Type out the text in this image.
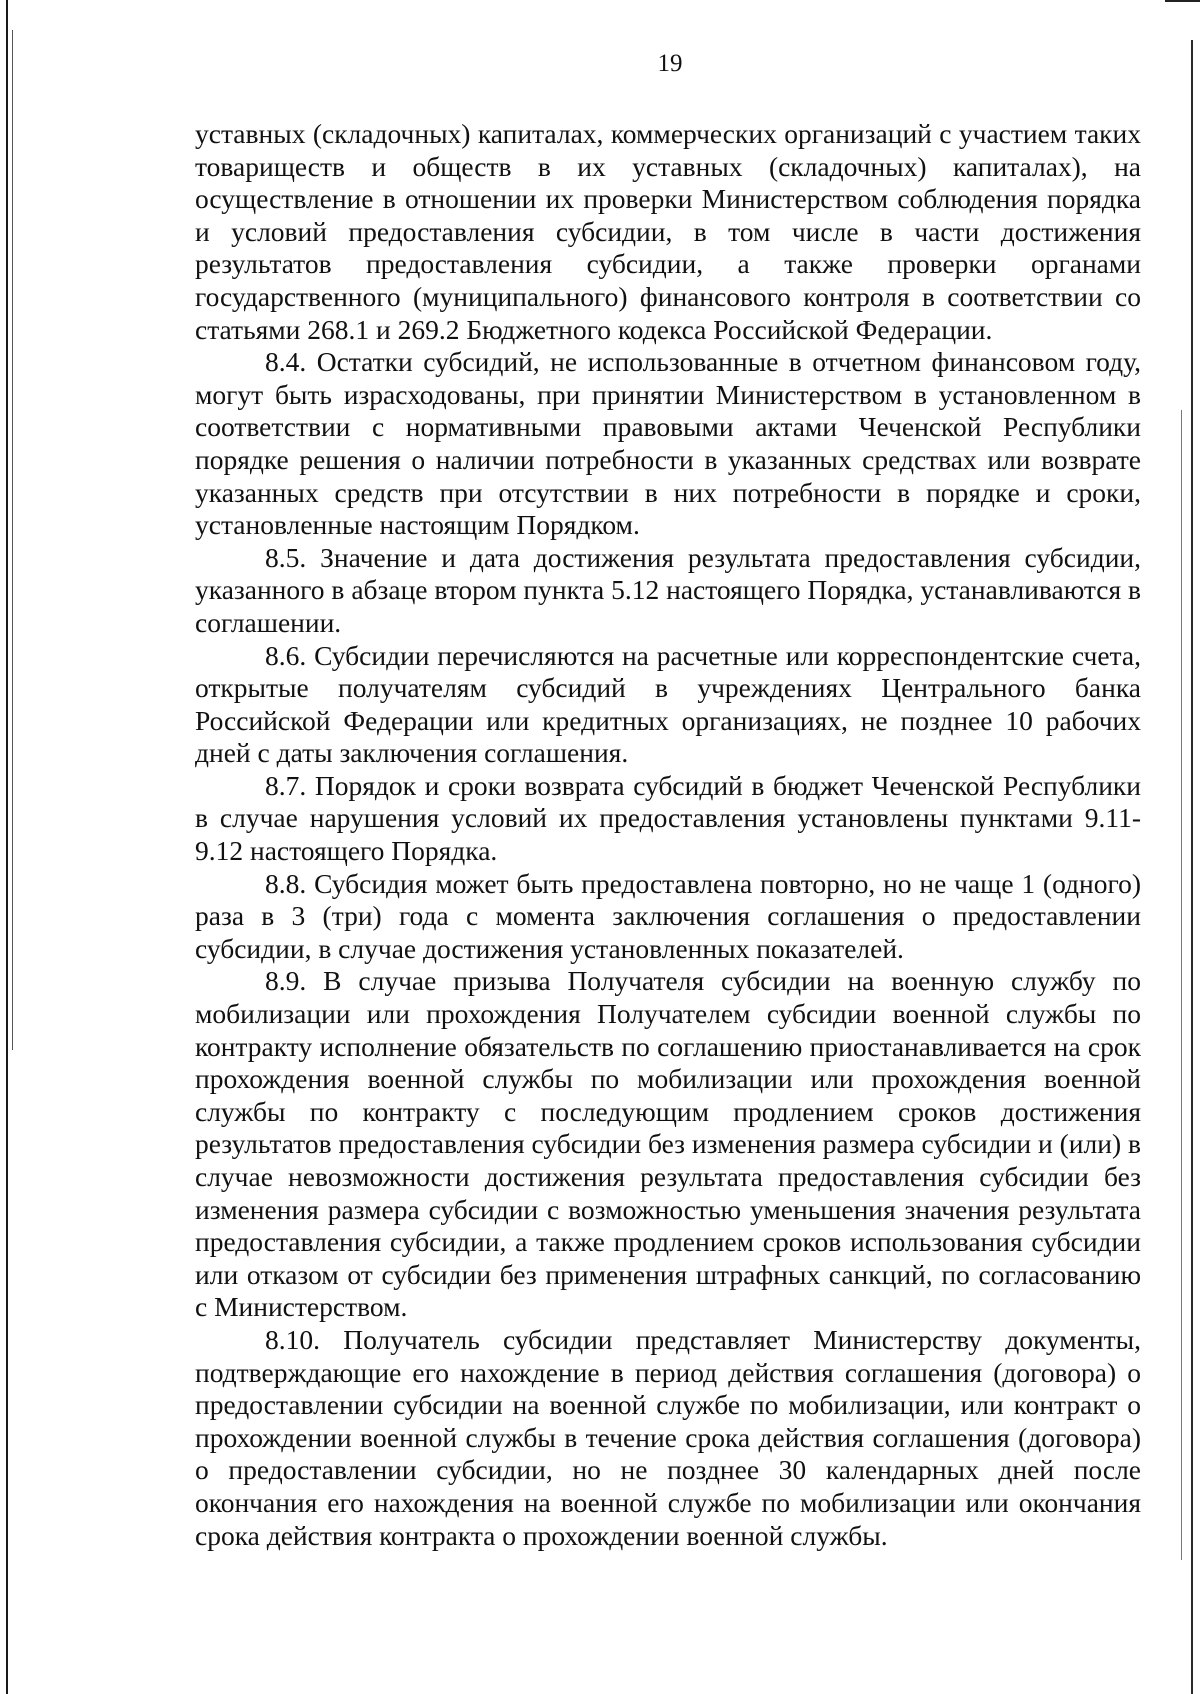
19

уставных (складочных) капиталах, коммерческих организаций с участием таких товариществ и обществ в их уставных (складочных) капиталах), на осуществление в отношении их проверки Министерством соблюдения порядка и условий предоставления субсидии, в том числе в части достижения результатов предоставления субсидии, а также проверки органами государственного (муниципального) финансового контроля в соответствии со статьями 268.1 и 269.2 Бюджетного кодекса Российской Федерации.

8.4. Остатки субсидий, не использованные в отчетном финансовом году, могут быть израсходованы, при принятии Министерством в установленном в соответствии с нормативными правовыми актами Чеченской Республики порядке решения о наличии потребности в указанных средствах или возврате указанных средств при отсутствии в них потребности в порядке и сроки, установленные настоящим Порядком.

8.5. Значение и дата достижения результата предоставления субсидии, указанного в абзаце втором пункта 5.12 настоящего Порядка, устанавливаются в соглашении.

8.6. Субсидии перечисляются на расчетные или корреспондентские счета, открытые получателям субсидий в учреждениях Центрального банка Российской Федерации или кредитных организациях, не позднее 10 рабочих дней с даты заключения соглашения.

8.7. Порядок и сроки возврата субсидий в бюджет Чеченской Республики в случае нарушения условий их предоставления установлены пунктами 9.11-9.12 настоящего Порядка.

8.8. Субсидия может быть предоставлена повторно, но не чаще 1 (одного) раза в 3 (три) года с момента заключения соглашения о предоставлении субсидии, в случае достижения установленных показателей.

8.9. В случае призыва Получателя субсидии на военную службу по мобилизации или прохождения Получателем субсидии военной службы по контракту исполнение обязательств по соглашению приостанавливается на срок прохождения военной службы по мобилизации или прохождения военной службы по контракту с последующим продлением сроков достижения результатов предоставления субсидии без изменения размера субсидии и (или) в случае невозможности достижения результата предоставления субсидии без изменения размера субсидии с возможностью уменьшения значения результата предоставления субсидии, а также продлением сроков использования субсидии или отказом от субсидии без применения штрафных санкций, по согласованию с Министерством.

8.10. Получатель субсидии представляет Министерству документы, подтверждающие его нахождение в период действия соглашения (договора) о предоставлении субсидии на военной службе по мобилизации, или контракт о прохождении военной службы в течение срока действия соглашения (договора) о предоставлении субсидии, но не позднее 30 календарных дней после окончания его нахождения на военной службе по мобилизации или окончания срока действия контракта о прохождении военной службы.
